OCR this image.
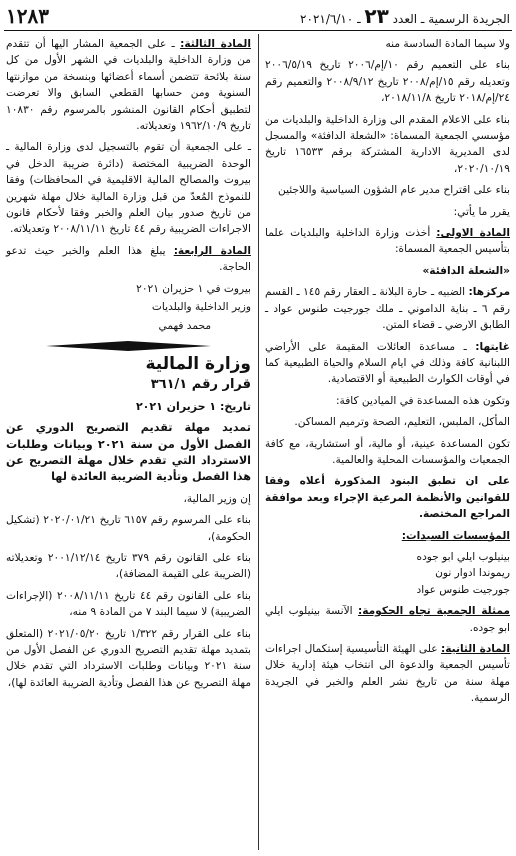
الجريدة الرسمية ـ العدد ٢٣ ـ ٢٠٢١/٦/١٠
١٢٨٣

ولا سيما المادة السادسة منه

بناء على التعميم رقم ١٠/إم/٢٠٠٦ تاريخ ٢٠٠٦/٥/١٩ وتعديله رقم ١٥/إم/٢٠٠٨ تاريخ ٢٠٠٨/٩/١٢ والتعميم رقم ٢٤/إم/٢٠١٨ تاريخ ٢٠١٨/١١/٨،

بناء على الاعلام المقدم الى وزارة الداخلية والبلديات من مؤسسي الجمعية المسماة: «الشعلة الدافئة» والمسجل لدى المديرية الادارية المشتركة برقم ١٦٥٣٣ تاريخ ٢٠٢٠/١٠/١٩،

بناء على اقتراح مدير عام الشؤون السياسية واللاجئين

يقرر ما يأتي:

المادة الاولى: أخذت وزارة الداخلية والبلديات علما بتأسيس الجمعية المسماة:

«الشعلة الدافئة»

مركزها: الضبيه ـ حارة البلانة ـ العقار رقم ١٤٥ ـ القسم رقم ٦ ـ بناية الداموني ـ ملك جورجيت طنوس عواد ـ الطابق الارضي ـ قضاء المتن.

غايتها: ـ مساعدة العائلات المقيمة على الأراضي اللبنانية كافة وذلك في ايام السلام والحياة الطبيعية كما في أوقات الكوارث الطبيعية أو الاقتصادية.

وتكون هذه المساعدة في الميادين كافة:

المأكل، الملبس، التعليم، الصحة وترميم المساكن.

تكون المساعدة عينية، أو مالية، أو استشارية، مع كافة الجمعيات والمؤسسات المحلية والعالمية.

على ان تطبق البنود المذكورة أعلاه وفقا للقوانين والأنظمة المرعية الإجراء وبعد موافقة المراجع المختصة.

المؤسسات السيدات:

بينيلوب ايلي ابو جوده

ريموندا ادوار نون

جورجيت طنوس عواد

ممثلة الجمعية تجاه الحكومة: الآنسة بينيلوب ايلي ابو جوده.

المادة الثانية: على الهيئة التأسيسية إستكمال اجراءات تأسيس الجمعية والدعوة الى انتخاب هيئة إدارية خلال مهلة سنة من تاريخ نشر العلم والخبر في الجريدة الرسمية.

المادة الثالثة: ـ على الجمعية المشار اليها أن تتقدم من وزارة الداخلية والبلديات في الشهر الأول من كل سنة بلائحة تتضمن أسماء أعضائها وبنسخة من موازنتها السنوية ومن حسابها القطعي السابق والا تعرضت لتطبيق أحكام القانون المنشور بالمرسوم رقم ١٠٨٣٠ تاريخ ١٩٦٢/١٠/٩ وتعديلاته.

ـ على الجمعية أن تقوم بالتسجيل لدى وزارة المالية ـ الوحدة الضريبية المختصة (دائرة ضريبة الدخل في بيروت والمصالح المالية الاقليمية في المحافظات) وفقا للنموذج المُعدّ من قبل وزارة المالية خلال مهلة شهرين من تاريخ صدور بيان العلم والخبر وفقا لأحكام قانون الاجراءات الضريبية رقم ٤٤ تاريخ ٢٠٠٨/١١/١١ وتعديلاته.

المادة الرابعة: يبلغ هذا العلم والخبر حيث تدعو الحاجة.

بيروت في ١ حزيران ٢٠٢١

وزير الداخلية والبلديات

محمد فهمي

وزارة المالية

قرار رقم ٣٦١/١

تاريخ: ١ حزيران ٢٠٢١

تمديد مهلة تقديم التصريح الدوري عن الفصل الأول من سنة ٢٠٢١ وبيانات وطلبات الاسترداد التي تقدم خلال مهلة التصريح عن هذا الفصل وتأدية الضريبة العائدة لها

إن وزير المالية،

بناء على المرسوم رقم ٦١٥٧ تاريخ ٢٠٢٠/٠١/٢١ (تشكيل الحكومة)،

بناء على القانون رقم ٣٧٩ تاريخ ٢٠٠١/١٢/١٤ وتعديلاته (الضريبة على القيمة المضافة)،

بناء على القانون رقم ٤٤ تاريخ ٢٠٠٨/١١/١١ (الإجراءات الضريبية) لا سيما البند ٧ من المادة ٩ منه،

بناء على القرار رقم ١/٣٢٢ تاريخ ٢٠٢١/٠٥/٢٠ (المتعلق بتمديد مهلة تقديم التصريح الدوري عن الفصل الأول من سنة ٢٠٢١ وبيانات وطلبات الاسترداد التي تقدم خلال مهلة التصريح عن هذا الفصل وتأدية الضريبة العائدة لها)،
